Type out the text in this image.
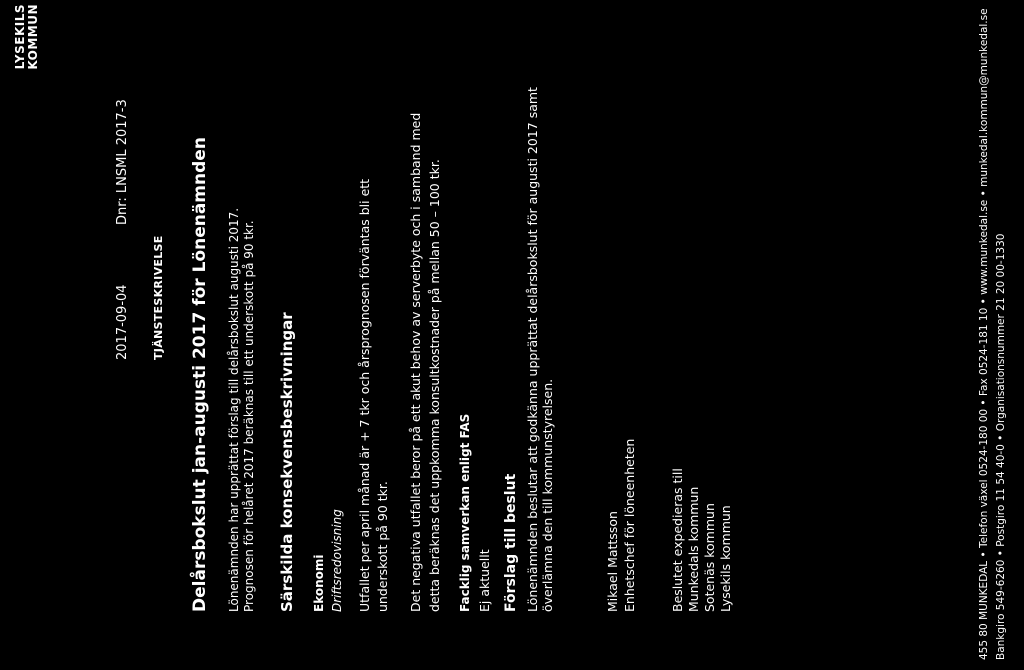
LYSEKILS KOMMUN
2017-09-04
Dnr: LNSML 2017-3
TJÄNSTESKRIVELSE Delårsbokslut jan-augusti 2017 för Lönenämnden Lönenämnden har upprättat förslag till delårsbokslut augusti 2017. Prognosen för helåret 2017 beräknas till ett underskott på 90 tkr. Särskilda konsekvensbeskrivningar Ekonomi Driftsredovisning Utfallet per april månad är + 7 tkr och årsprognosen förväntas bli ett underskott på 90 tkr. Det negativa utfallet beror på ett akut behov av serverbyte och i samband med detta beräknas det uppkomma konsultkostnader på mellan 50 – 100 tkr. Facklig samverkan enligt FAS Ej aktuellt Förslag till beslut Lönenämnden beslutar att godkänna upprättat delårsbokslut för augusti 2017 samt överlämna den till kommunstyrelsen.	Mikael Mattsson Enhetschef för löneenheten	Beslutet expedieras till Munkedals kommun Sotenäs kommun Lysekils kommun	455 80 MUNKEDAL • Telefon växel 0524-180 00 • Fax 0524-181 10 • www.munkedal.se • munkedal.kommun@munkedal.se Bankgiro 549-6260 • Postgiro 11 54 40-0 • Organisationsnummer 21 20 00-1330
